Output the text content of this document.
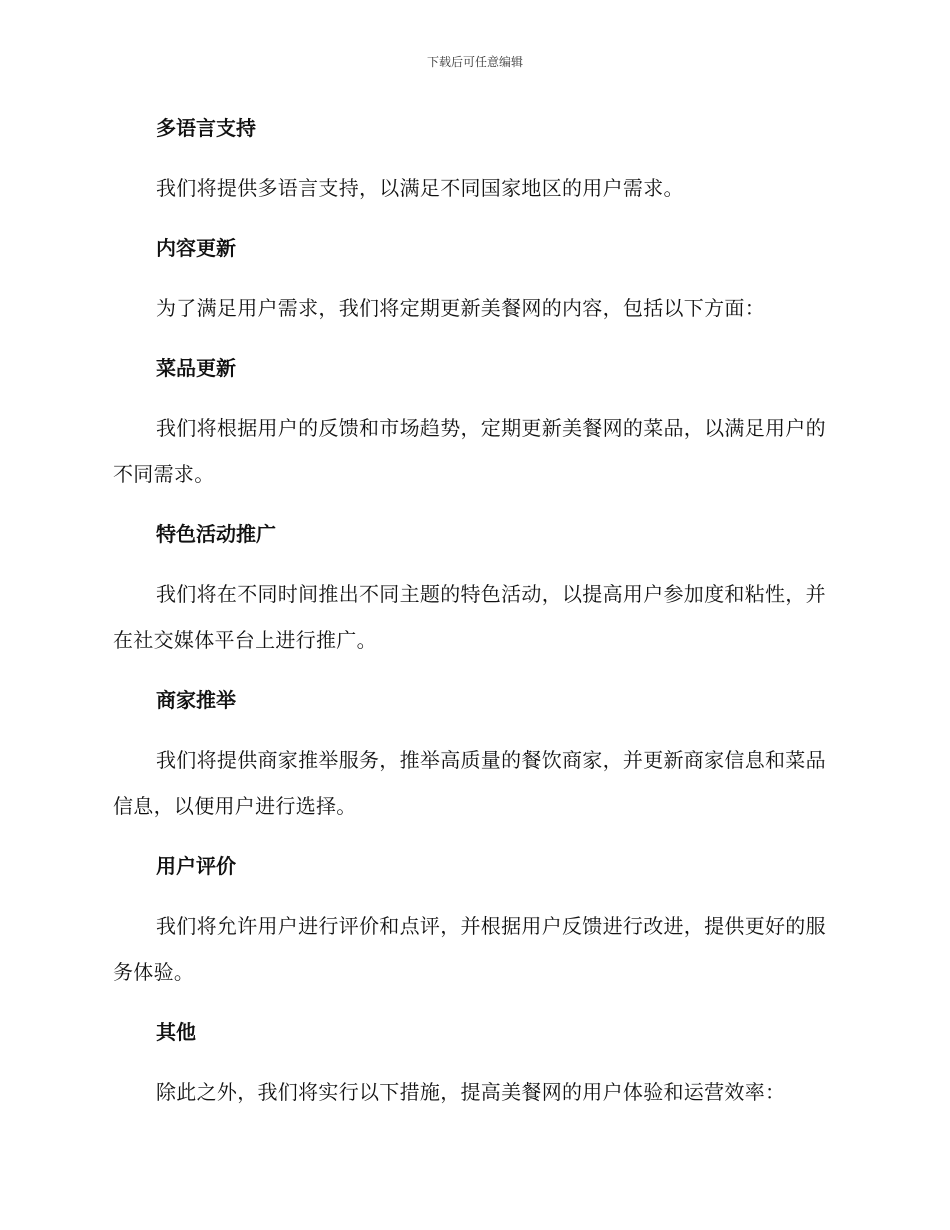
下载后可任意编辑
多语言支持

我们将提供多语言支持，以满足不同国家地区的用户需求。

内容更新

为了满足用户需求，我们将定期更新美餐网的内容，包括以下方面：

菜品更新

我们将根据用户的反馈和市场趋势，定期更新美餐网的菜品，以满足用户的不同需求。

特色活动推广

我们将在不同时间推出不同主题的特色活动，以提高用户参加度和粘性，并在社交媒体平台上进行推广。

商家推举

我们将提供商家推举服务，推举高质量的餐饮商家，并更新商家信息和菜品信息，以便用户进行选择。

用户评价

我们将允许用户进行评价和点评，并根据用户反馈进行改进，提供更好的服务体验。

其他

除此之外，我们将实行以下措施，提高美餐网的用户体验和运营效率：
